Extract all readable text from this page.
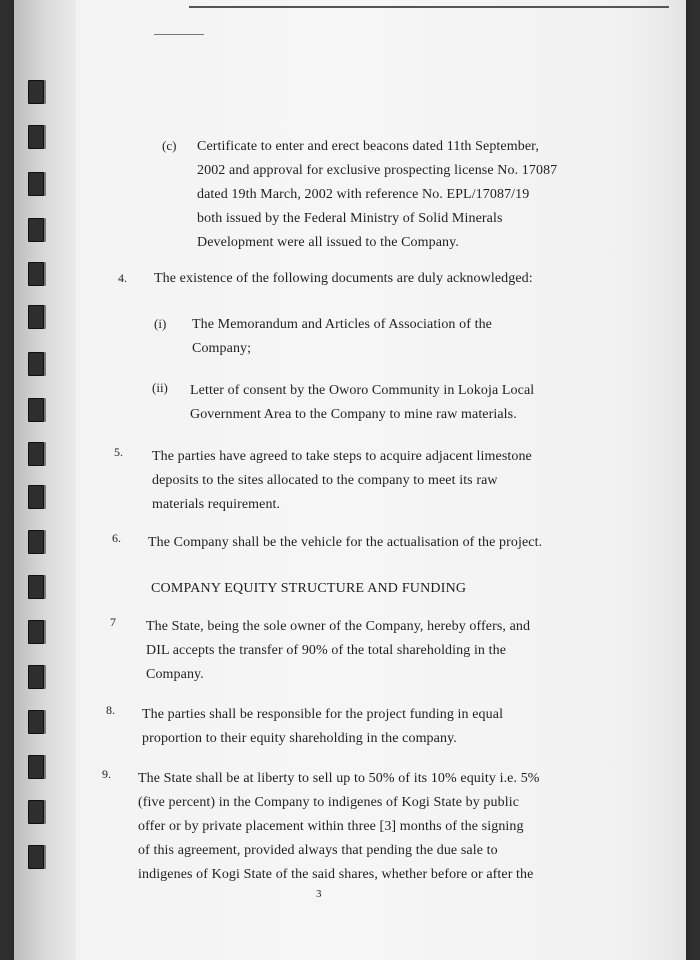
(c) Certificate to enter and erect beacons dated 11th September,
2002 and approval for exclusive prospecting license No. 17087
dated 19th March, 2002 with reference No. EPL/17087/19
both issued by the Federal Ministry of Solid Minerals
Development were all issued to the Company.
4. The existence of the following documents are duly acknowledged:
(i) The Memorandum and Articles of Association of the
Company;
(ii) Letter of consent by the Oworo Community in Lokoja Local
Government Area to the Company to mine raw materials.
5. The parties have agreed to take steps to acquire adjacent limestone
deposits to the sites allocated to the company to meet its raw
materials requirement.
6. The Company shall be the vehicle for the actualisation of the project.
COMPANY EQUITY STRUCTURE AND FUNDING
7 The State, being the sole owner of the Company, hereby offers, and
DIL accepts the transfer of 90% of the total shareholding in the
Company.
8. The parties shall be responsible for the project funding in equal
proportion to their equity shareholding in the company.
9. The State shall be at liberty to sell up to 50% of its 10% equity i.e. 5%
(five percent) in the Company to indigenes of Kogi State by public
offer or by private placement within three [3] months of the signing
of this agreement, provided always that pending the due sale to
indigenes of Kogi State of the said shares, whether before or after the
3
